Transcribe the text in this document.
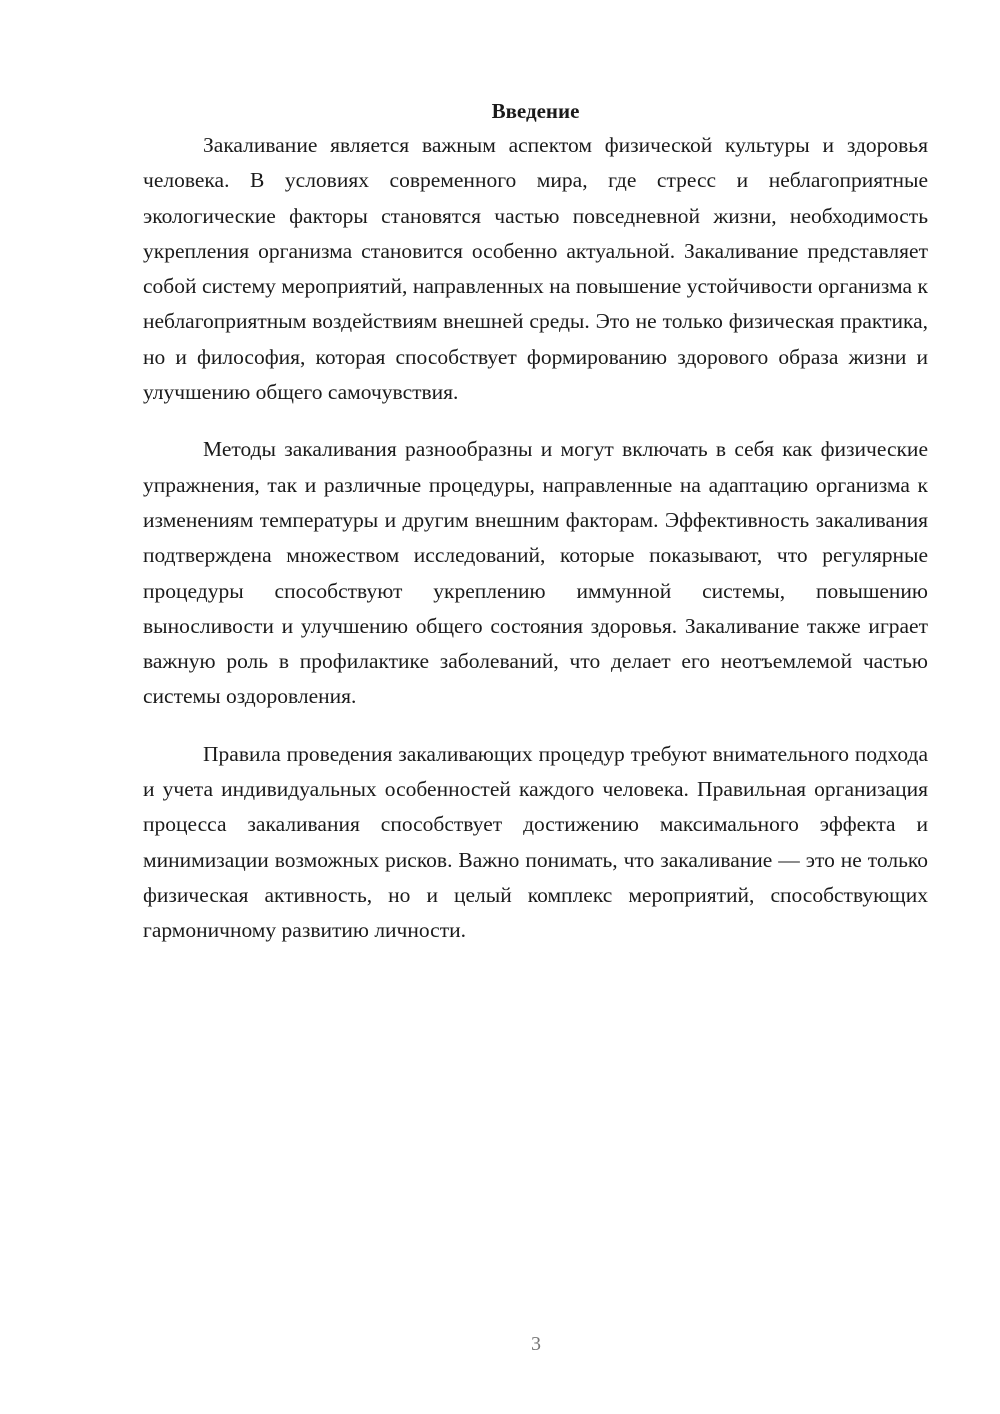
Введение

Закаливание является важным аспектом физической культуры и здоровья человека. В условиях современного мира, где стресс и неблагоприятные экологические факторы становятся частью повседневной жизни, необходимость укрепления организма становится особенно актуальной. Закаливание представляет собой систему мероприятий, направленных на повышение устойчивости организма к неблагоприятным воздействиям внешней среды. Это не только физическая практика, но и философия, которая способствует формированию здорового образа жизни и улучшению общего самочувствия.

Методы закаливания разнообразны и могут включать в себя как физические упражнения, так и различные процедуры, направленные на адаптацию организма к изменениям температуры и другим внешним факторам. Эффективность закаливания подтверждена множеством исследований, которые показывают, что регулярные процедуры способствуют укреплению иммунной системы, повышению выносливости и улучшению общего состояния здоровья. Закаливание также играет важную роль в профилактике заболеваний, что делает его неотъемлемой частью системы оздоровления.

Правила проведения закаливающих процедур требуют внимательного подхода и учета индивидуальных особенностей каждого человека. Правильная организация процесса закаливания способствует достижению максимального эффекта и минимизации возможных рисков. Важно понимать, что закаливание — это не только физическая активность, но и целый комплекс мероприятий, способствующих гармоничному развитию личности.

3
